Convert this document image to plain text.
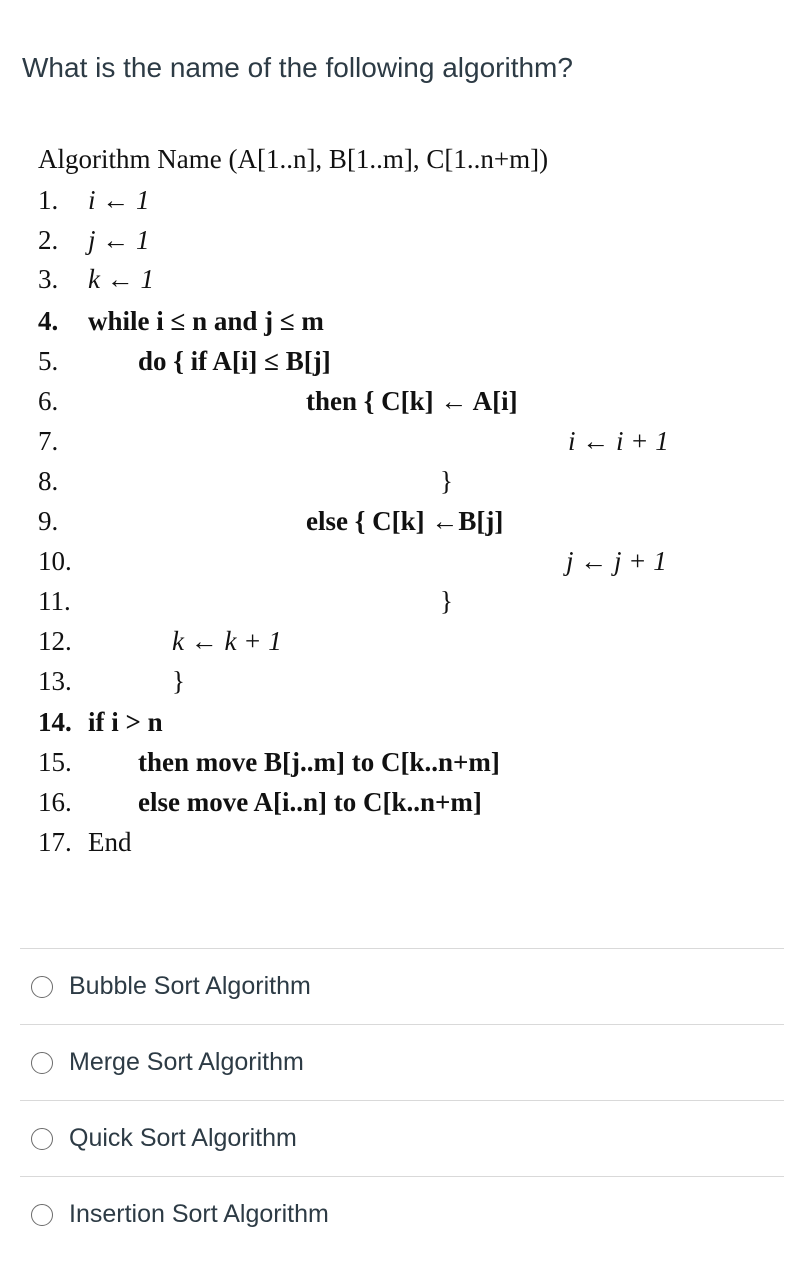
What is the name of the following algorithm?
Algorithm Name (A[1..n], B[1..m], C[1..n+m])
1.
2.
3.
4.
5.
6.
7.
8.
9.
10.
11.
12.
13.
14.
15.
16.
17.
i ← 1
j ← 1
k ← 1
while i ≤ n and j ≤ m
do { if A[i] ≤ B[j]
then { C[k] ← A[i]
i ← i + 1
}
else { C[k] ←B[j]
j ← j + 1
}
k ← k + 1
}
if i > n
then move B[j..m] to C[k..n+m]
else move A[i..n] to C[k..n+m]
End
Bubble Sort Algorithm
Merge Sort Algorithm
Quick Sort Algorithm
Insertion Sort Algorithm
